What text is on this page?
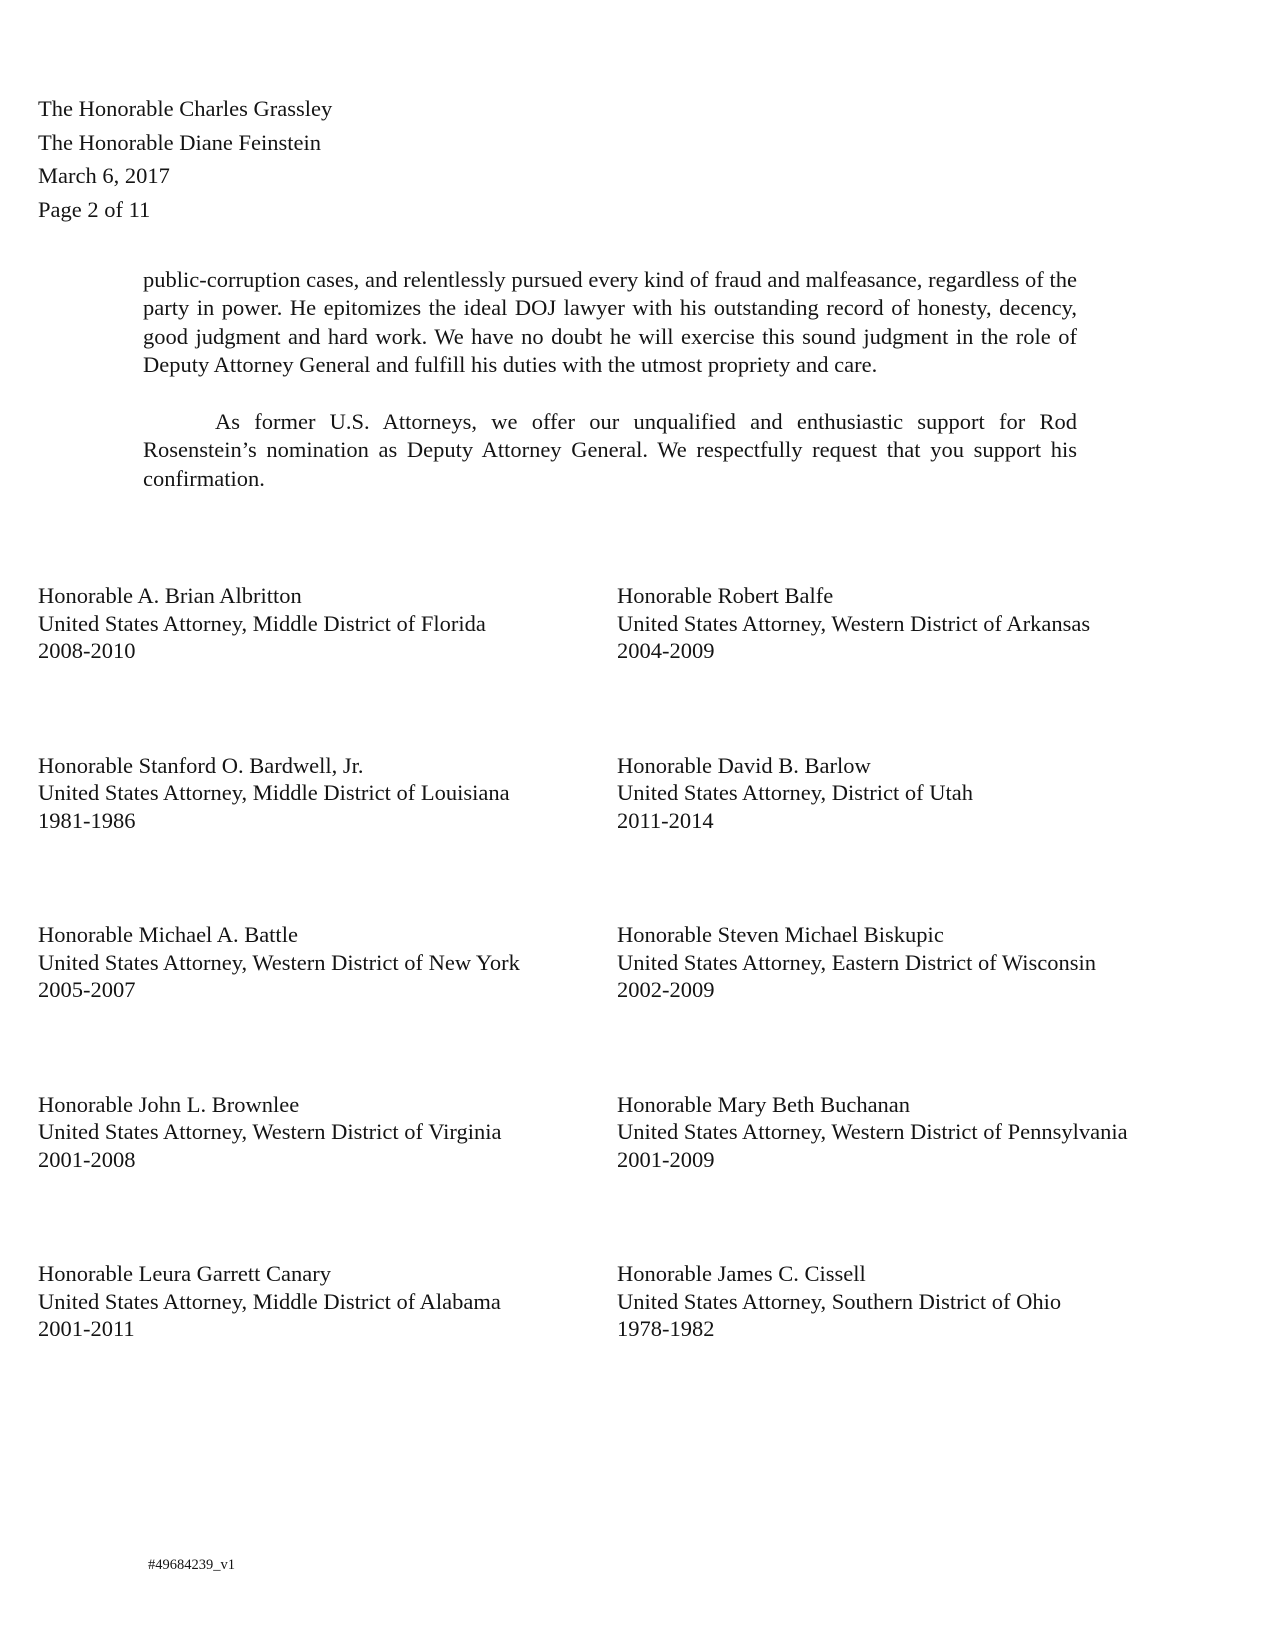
The Honorable Charles Grassley
The Honorable Diane Feinstein
March 6, 2017
Page 2 of 11

public-corruption cases, and relentlessly pursued every kind of fraud and malfeasance, regardless of the party in power. He epitomizes the ideal DOJ lawyer with his outstanding record of honesty, decency, good judgment and hard work. We have no doubt he will exercise this sound judgment in the role of Deputy Attorney General and fulfill his duties with the utmost propriety and care.

As former U.S. Attorneys, we offer our unqualified and enthusiastic support for Rod Rosenstein’s nomination as Deputy Attorney General. We respectfully request that you support his confirmation.

Honorable A. Brian Albritton
United States Attorney, Middle District of Florida
2008-2010
Honorable Robert Balfe
United States Attorney, Western District of Arkansas
2004-2009
Honorable Stanford O. Bardwell, Jr.
United States Attorney, Middle District of Louisiana
1981-1986
Honorable David B. Barlow
United States Attorney, District of Utah
2011-2014
Honorable Michael A. Battle
United States Attorney, Western District of New York
2005-2007
Honorable Steven Michael Biskupic
United States Attorney, Eastern District of Wisconsin
2002-2009
Honorable John L. Brownlee
United States Attorney, Western District of Virginia
2001-2008
Honorable Mary Beth Buchanan
United States Attorney, Western District of Pennsylvania
2001-2009
Honorable Leura Garrett Canary
United States Attorney, Middle District of Alabama
2001-2011
Honorable James C. Cissell
United States Attorney, Southern District of Ohio
1978-1982
#49684239_v1
